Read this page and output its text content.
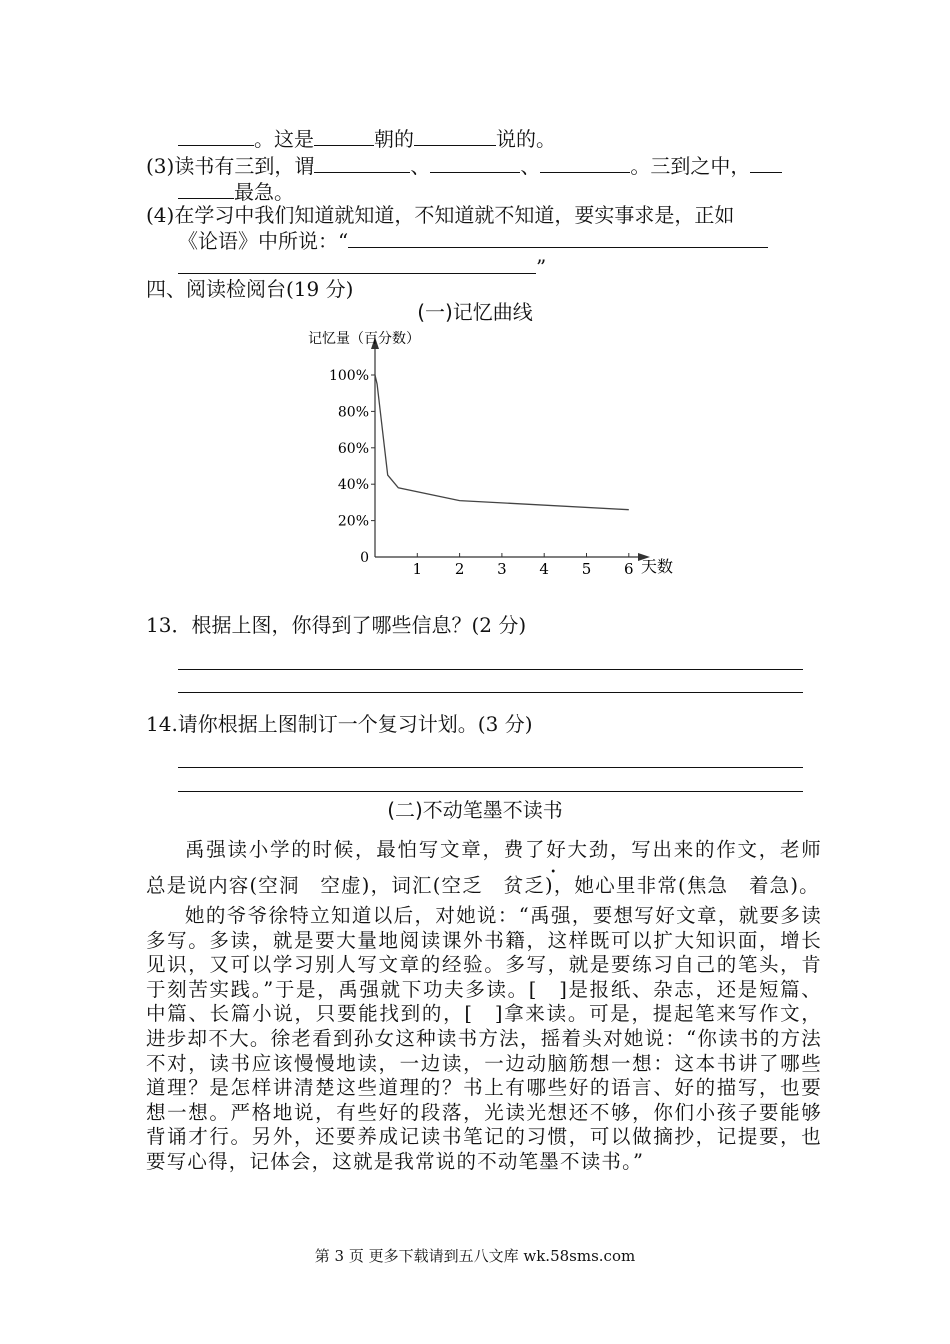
。这是	朝的	说的。
(3)读书有三到，谓	、	、	。三到之中，
最急。
(4)在学习中我们知道就知道，不知道就不知道，要实事求是，正如
《论语》中所说：“
”
四、阅读检阅台(19 分)
(一)记忆曲线
记忆量（百分数）
天数
0
20%
40%
60%
80%
100%
1 2 3 4 5 6
13．根据上图，你得到了哪些信息？(2 分)
14.请你根据上图制订一个复习计划。(3 分)
(二)不动笔墨不读书

禹强读小学的时候，最怕写文章，费 •了好大劲，写出来的作文，老师总是说内容(空洞　空虚)，词汇(空乏　贫乏)，她心里非常(焦急　着急)。

她的爷爷徐特立知道以后，对她说：“禹强，要想写好文章，就要多读多写。多读，就是要大量地阅读课外书籍，这样既可以扩大知识面，增长见识，又可以学习别人写文章的经验。多写，就是要练习自己的笔头，肯于刻苦实践。”于是，禹强就下功夫多读。[　]是报纸、杂志，还是短篇、中篇、长篇小说，只要能找到的，[　]拿来读。可是，提起笔来写作文，进步却不大。徐老看到孙女这种读书方法，摇着头对她说：“你读书的方法不对，读书应该慢慢地读，一边读，一边动脑筋想一想：这本书讲了哪些道理？是怎样讲清楚这些道理的？书上有哪些好的语言、好的描写，也要想一想。严格地说，有些好的段落，光读光想还不够，你们小孩子要能够背诵才行。另外，还要养成记读书笔记的习惯，可以做摘抄，记提要，也要写心得，记体会，这就是我常说的不动笔墨不读书。”

第 3 页 更多下载请到五八文库 wk.58sms.com
